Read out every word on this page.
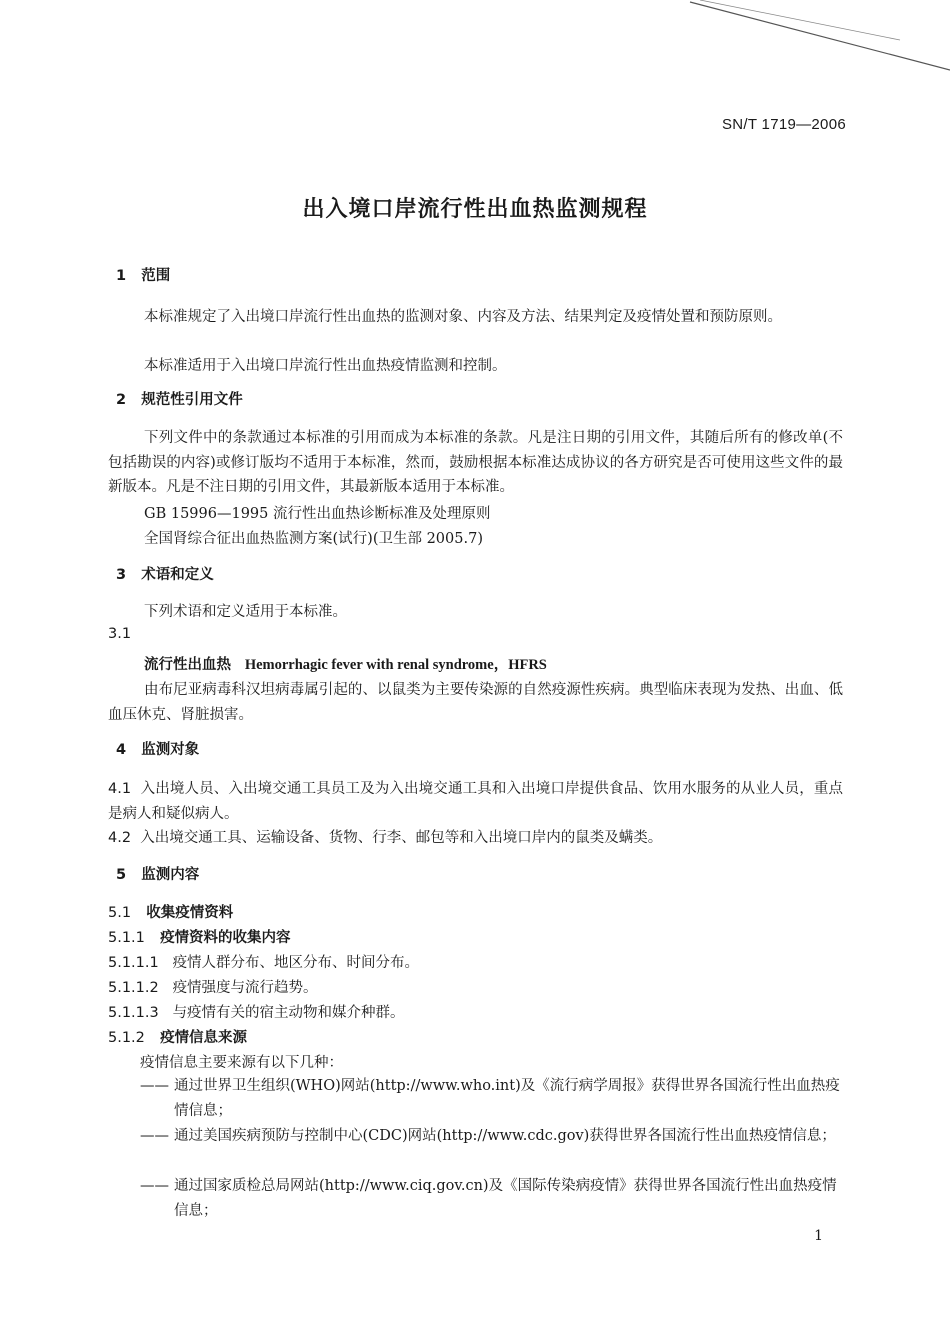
SN/T 1719—2006
出入境口岸流行性出血热监测规程
1 范围
本标准规定了入出境口岸流行性出血热的监测对象、内容及方法、结果判定及疫情处置和预防原则。
本标准适用于入出境口岸流行性出血热疫情监测和控制。
2 规范性引用文件
下列文件中的条款通过本标准的引用而成为本标准的条款。凡是注日期的引用文件，其随后所有的修改单(不包括勘误的内容)或修订版均不适用于本标准，然而，鼓励根据本标准达成协议的各方研究是否可使用这些文件的最新版本。凡是不注日期的引用文件，其最新版本适用于本标准。
GB 15996—1995 流行性出血热诊断标准及处理原则
全国肾综合征出血热监测方案(试行)(卫生部 2005.7)
3 术语和定义
下列术语和定义适用于本标准。
3.1
流行性出血热 Hemorrhagic fever with renal syndrome，HFRS
由布尼亚病毒科汉坦病毒属引起的、以鼠类为主要传染源的自然疫源性疾病。典型临床表现为发热、出血、低血压休克、肾脏损害。
4 监测对象
4.1 入出境人员、入出境交通工具员工及为入出境交通工具和入出境口岸提供食品、饮用水服务的从业人员，重点是病人和疑似病人。
4.2 入出境交通工具、运输设备、货物、行李、邮包等和入出境口岸内的鼠类及螨类。
5 监测内容
5.1 收集疫情资料
5.1.1 疫情资料的收集内容
5.1.1.1 疫情人群分布、地区分布、时间分布。
5.1.1.2 疫情强度与流行趋势。
5.1.1.3 与疫情有关的宿主动物和媒介种群。
5.1.2 疫情信息来源
疫情信息主要来源有以下几种：
—— 通过世界卫生组织(WHO)网站(http://www.who.int)及《流行病学周报》获得世界各国流行性出血热疫情信息；
—— 通过美国疾病预防与控制中心(CDC)网站(http://www.cdc.gov)获得世界各国流行性出血热疫情信息；
—— 通过国家质检总局网站(http://www.ciq.gov.cn)及《国际传染病疫情》获得世界各国流行性出血热疫情信息；
1
